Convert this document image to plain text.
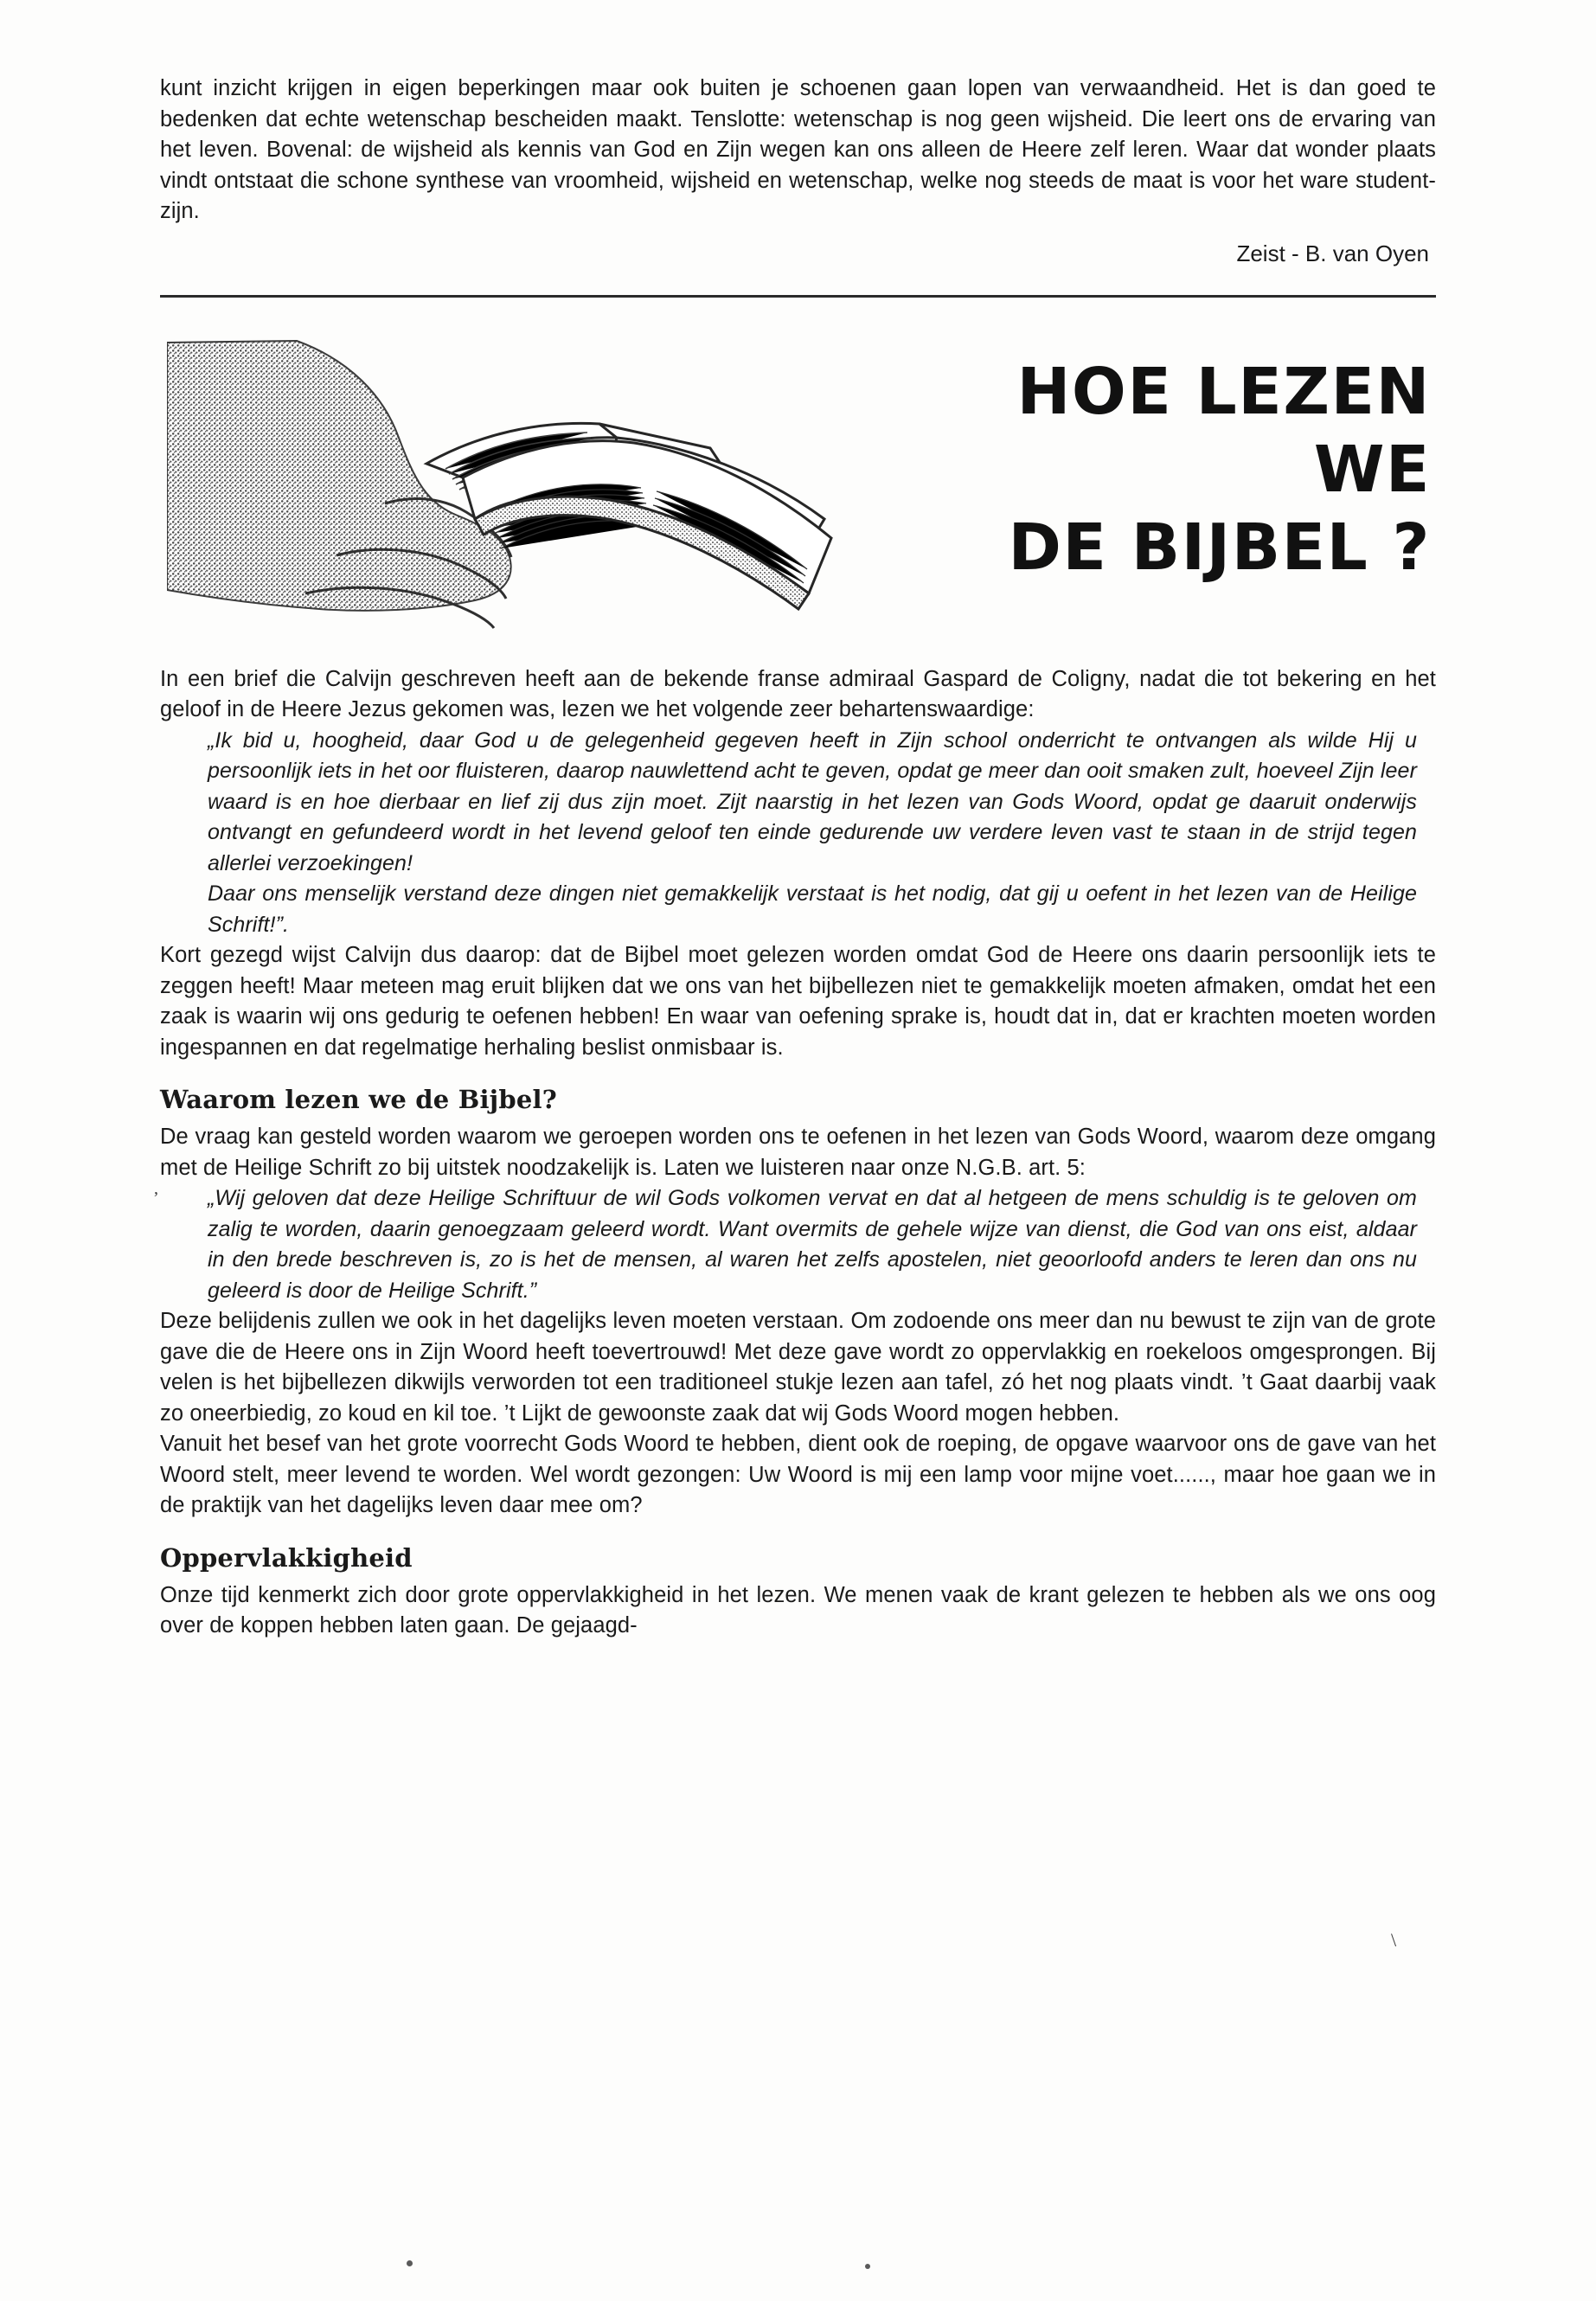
kunt inzicht krijgen in eigen beperkingen maar ook buiten je schoenen gaan lopen van verwaandheid. Het is dan goed te bedenken dat echte wetenschap bescheiden maakt. Tenslotte: wetenschap is nog geen wijsheid. Die leert ons de ervaring van het leven. Bovenal: de wijsheid als kennis van God en Zijn wegen kan ons alleen de Heere zelf leren. Waar dat wonder plaats vindt ontstaat die schone synthese van vroomheid, wijsheid en wetenschap, welke nog steeds de maat is voor het ware student-zijn.

Zeist - B. van Oyen
HOE LEZEN
WE
DE BIJBEL ?

In een brief die Calvijn geschreven heeft aan de bekende franse admiraal Gaspard de Coligny, nadat die tot bekering en het geloof in de Heere Jezus gekomen was, lezen we het volgende zeer behartenswaardige:

„Ik bid u, hoogheid, daar God u de gelegenheid gegeven heeft in Zijn school onderricht te ontvangen als wilde Hij u persoonlijk iets in het oor fluisteren, daarop nauwlettend acht te geven, opdat ge meer dan ooit smaken zult, hoeveel Zijn leer waard is en hoe dierbaar en lief zij dus zijn moet. Zijt naarstig in het lezen van Gods Woord, opdat ge daaruit onderwijs ontvangt en gefundeerd wordt in het levend geloof ten einde gedurende uw verdere leven vast te staan in de strijd tegen allerlei verzoekingen!

Daar ons menselijk verstand deze dingen niet gemakkelijk verstaat is het nodig, dat gij u oefent in het lezen van de Heilige Schrift!”.

Kort gezegd wijst Calvijn dus daarop: dat de Bijbel moet gelezen worden omdat God de Heere ons daarin persoonlijk iets te zeggen heeft! Maar meteen mag eruit blijken dat we ons van het bijbellezen niet te gemakkelijk moeten afmaken, omdat het een zaak is waarin wij ons gedurig te oefenen hebben! En waar van oefening sprake is, houdt dat in, dat er krachten moeten worden ingespannen en dat regelmatige herhaling beslist onmisbaar is.

Waarom lezen we de Bijbel?

De vraag kan gesteld worden waarom we geroepen worden ons te oefenen in het lezen van Gods Woord, waarom deze omgang met de Heilige Schrift zo bij uitstek noodzakelijk is. Laten we luisteren naar onze N.G.B. art. 5:

„Wij geloven dat deze Heilige Schriftuur de wil Gods volkomen vervat en dat al hetgeen de mens schuldig is te geloven om zalig te worden, daarin genoegzaam geleerd wordt. Want overmits de gehele wijze van dienst, die God van ons eist, aldaar in den brede beschreven is, zo is het de mensen, al waren het zelfs apostelen, niet geoorloofd anders te leren dan ons nu geleerd is door de Heilige Schrift.”

Deze belijdenis zullen we ook in het dagelijks leven moeten verstaan. Om zodoende ons meer dan nu bewust te zijn van de grote gave die de Heere ons in Zijn Woord heeft toevertrouwd! Met deze gave wordt zo oppervlakkig en roekeloos omgesprongen. Bij velen is het bijbellezen dikwijls verworden tot een traditioneel stukje lezen aan tafel, zó het nog plaats vindt. ’t Gaat daarbij vaak zo oneerbiedig, zo koud en kil toe. ’t Lijkt de gewoonste zaak dat wij Gods Woord mogen hebben.

Vanuit het besef van het grote voorrecht Gods Woord te hebben, dient ook de roeping, de opgave waarvoor ons de gave van het Woord stelt, meer levend te worden. Wel wordt gezongen: Uw Woord is mij een lamp voor mijne voet......, maar hoe gaan we in de praktijk van het dagelijks leven daar mee om?

Oppervlakkigheid

Onze tijd kenmerkt zich door grote oppervlakkigheid in het lezen. We menen vaak de krant gelezen te hebben als we ons oog over de koppen hebben laten gaan. De gejaagd-

,
\
